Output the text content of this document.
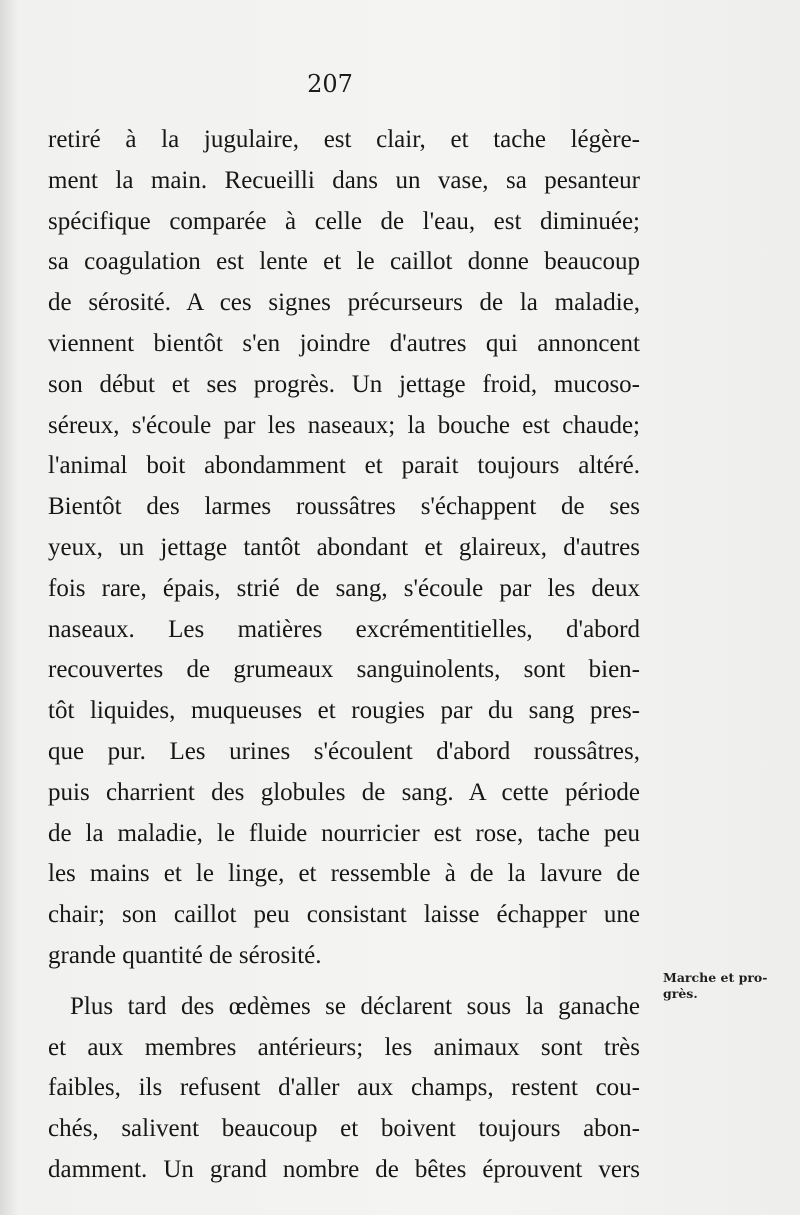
207
retiré à la jugulaire, est clair, et tache légère-
ment la main. Recueilli dans un vase, sa pesanteur
spécifique comparée à celle de l'eau, est diminuée;
sa coagulation est lente et le caillot donne beaucoup
de sérosité. A ces signes précurseurs de la maladie,
viennent bientôt s'en joindre d'autres qui annoncent
son début et ses progrès. Un jettage froid, mucoso-
séreux, s'écoule par les naseaux; la bouche est chaude;
l'animal boit abondamment et parait toujours altéré.
Bientôt des larmes roussâtres s'échappent de ses
yeux, un jettage tantôt abondant et glaireux, d'autres
fois rare, épais, strié de sang, s'écoule par les deux
naseaux. Les matières excrémentitielles, d'abord
recouvertes de grumeaux sanguinolents, sont bien-
tôt liquides, muqueuses et rougies par du sang pres-
que pur. Les urines s'écoulent d'abord roussâtres,
puis charrient des globules de sang. A cette période
de la maladie, le fluide nourricier est rose, tache peu
les mains et le linge, et ressemble à de la lavure de
chair; son caillot peu consistant laisse échapper une
grande quantité de sérosité.
Plus tard des œdèmes se déclarent sous la ganache
et aux membres antérieurs; les animaux sont très
faibles, ils refusent d'aller aux champs, restent cou-
chés, salivent beaucoup et boivent toujours abon-
damment. Un grand nombre de bêtes éprouvent vers
Marche et pro-
grès.
